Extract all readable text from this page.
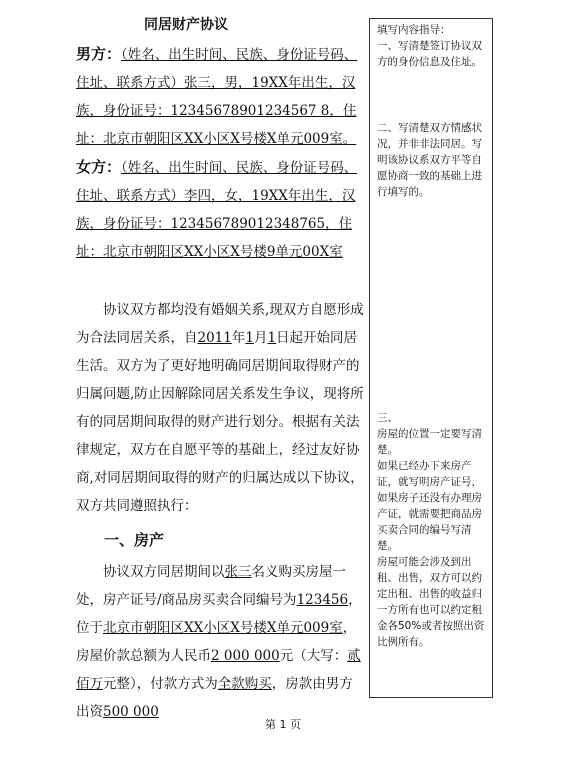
同居财产协议

男方：（姓名、出生时间、民族、身份证号码、住址、联系方式）张三，男，19XX年出生，汉族，身份证号：12345678901234567 8，住址：北京市朝阳区XX小区X号楼X单元009室。

女方：（姓名、出生时间、民族、身份证号码、住址、联系方式）李四，女，19XX年出生，汉族，身份证号：123456789012348765，住址：北京市朝阳区XX小区X号楼9单元00X室

协议双方都均没有婚姻关系,现双方自愿形成为合法同居关系，自2011年1月1日起开始同居生活。双方为了更好地明确同居期间取得财产的归属问题,防止因解除同居关系发生争议，现将所有的同居期间取得的财产进行划分。根据有关法律规定，双方在自愿平等的基础上，经过友好协商,对同居期间取得的财产的归属达成以下协议，双方共同遵照执行：

一、房产

协议双方同居期间以张三名义购买房屋一处，房产证号/商品房买卖合同编号为123456，位于北京市朝阳区XX小区X号楼X单元009室，房屋价款总额为人民币2 000 000元（大写：贰佰万元整），付款方式为全款购买，房款由男方出资500 000

填写内容指导：
一、写清楚签订协议双方的身份信息及住址。
二、写清楚双方情感状况，并非非法同居。写明该协议系双方平等自愿协商一致的基础上进行填写的。
三、
房屋的位置一定要写清楚。
如果已经办下来房产证，就写明房产证号，如果房子还没有办理房产证，就需要把商品房买卖合同的编号写清楚。
房屋可能会涉及到出租、出售，双方可以约定出租、出售的收益归一方所有也可以约定租金各50%或者按照出资比例所有。
第 1 页
